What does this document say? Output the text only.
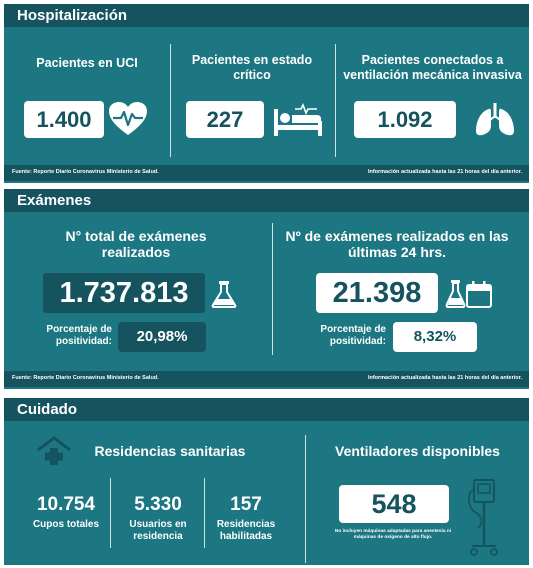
Hospitalización
Pacientes en UCI	Pacientes en estado crítico
Pacientes conectados a ventilación mecánica invasiva
1.400	227	1.092
Fuente: Reporte Diario Coronavirus Ministerio de Salud.	Información actualizada hasta las 21 horas del día anterior.
Exámenes
N° total de exámenes realizados
1.737.813
Porcentaje de positividad:	20,98%
Nº de exámenes realizados en las últimas 24 hrs.
21.398
Porcentaje de positividad:	8,32%
Fuente: Reporte Diario Coronavirus Ministerio de Salud.	Información actualizada hasta las 21 horas del día anterior.
Cuidado
Residencias sanitarias
10.754
Cupos totales
5.330
Usuarios en residencia
157
Residencias habilitadas
Ventiladores disponibles
548
No incluyen máquinas adaptadas para anestesia ni máquinas de oxígeno de alto flujo.
